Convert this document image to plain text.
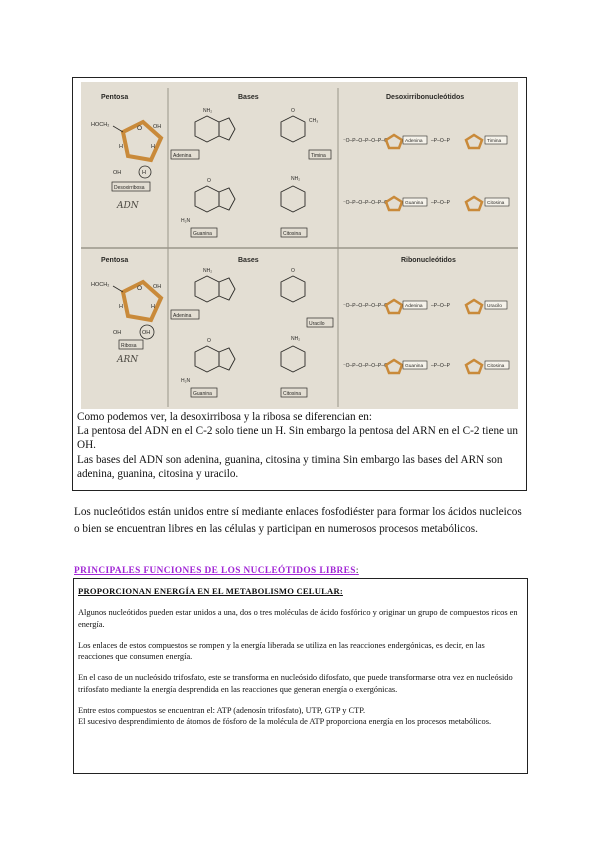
Pentosa	Bases	Desoxirribonucleótidos
Pentosa	Bases	Ribonucleótidos
O
HOCH₂	OH
H	H
OH	H
Desoxirribosa
ADN
O
HOCH₂	OH
H	H
OH	OH
Ribosa
ARN
NH₂	O
CH₃
O	NH₂
H₂N
Adenina	Timina
Guanina	Citosina
NH₂	O
O	NH₂
H₂N
Adenina
Uracilo
Guanina	Citosina
⁻O–P–O–P–O–P–O	Adenina –P–O–P	Timina
⁻O–P–O–P–O–P–O	Guanina –P–O–P	Citosina
⁻O–P–O–P–O–P–O	Adenina –P–O–P	Uracilo
⁻O–P–O–P–O–P–O	Guanina –P–O–P	Citosina

Como podemos ver, la desoxirribosa y la ribosa se diferencian en:

La pentosa del ADN en el C-2 solo tiene un H. Sin embargo la pentosa del ARN en el C-2 tiene un OH.

Las bases del ADN son adenina, guanina, citosina y timina Sin embargo las bases del ARN son adenina, guanina, citosina y uracilo.

Los nucleótidos están unidos entre sí mediante enlaces fosfodiéster para formar los ácidos nucleicos o bien se encuentran libres en las células y participan en numerosos procesos metabólicos.

PRINCIPALES FUNCIONES DE LOS NUCLEÓTIDOS LIBRES:

PROPORCIONAN ENERGÍA EN EL METABOLISMO CELULAR:

Algunos nucleótidos pueden estar unidos a una, dos o tres moléculas de ácido fosfórico y originar un grupo de compuestos ricos en energía.

Los enlaces de estos compuestos se rompen y la energía liberada se utiliza en las reacciones endergónicas, es decir, en las reacciones que consumen energía.

En el caso de un nucleósido trifosfato, este se transforma en nucleósido difosfato, que puede transformarse otra vez en nucleósido trifosfato mediante la energía desprendida en las reacciones que generan energía o exergónicas.

Entre estos compuestos se encuentran el: ATP (adenosín trifosfato), UTP, GTP y CTP.
El sucesivo desprendimiento de átomos de fósforo de la molécula de ATP proporciona energía en los procesos metabólicos.
